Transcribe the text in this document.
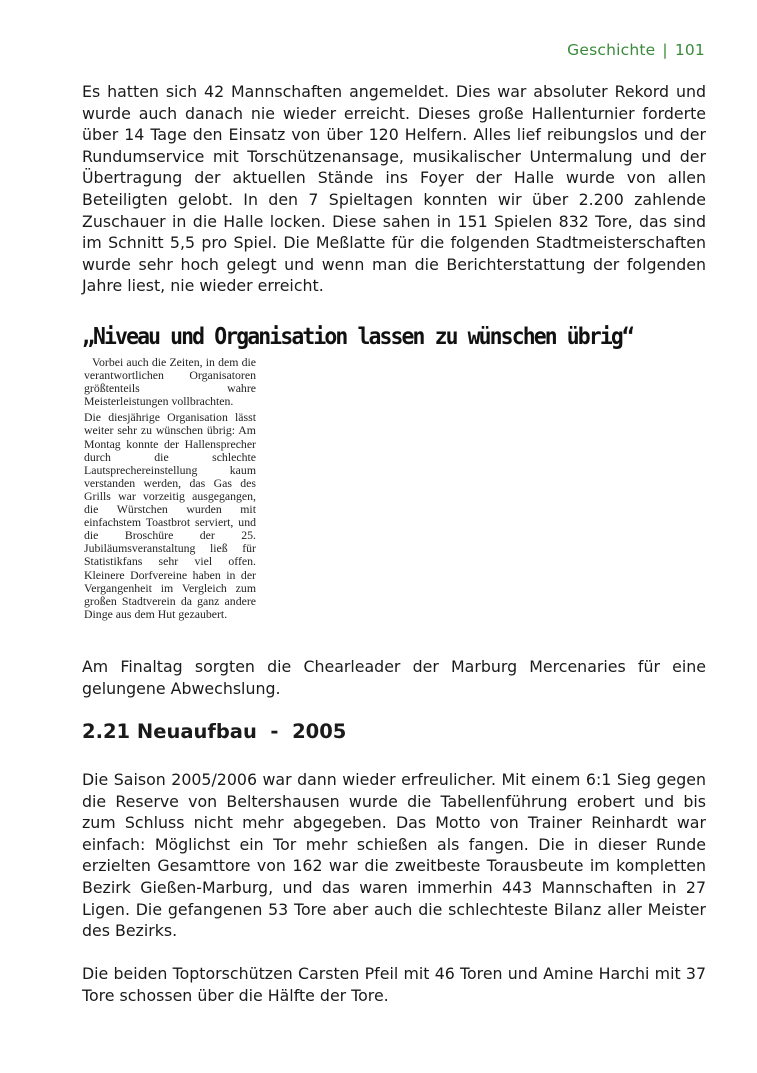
Geschichte | 101

Es hatten sich 42 Mannschaften angemeldet. Dies war absoluter Rekord und wurde auch danach nie wieder erreicht. Dieses große Hallenturnier forderte über 14 Tage den Einsatz von über 120 Helfern. Alles lief reibungslos und der Rundumservice mit Torschützenansage, musikalischer Untermalung und der Übertragung der aktuellen Stände ins Foyer der Halle wurde von allen Beteiligten gelobt. In den 7 Spieltagen konnten wir über 2.200 zahlende Zuschauer in die Halle locken. Diese sahen in 151 Spielen 832 Tore, das sind im Schnitt 5,5 pro Spiel. Die Meßlatte für die folgenden Stadtmeisterschaften wurde sehr hoch gelegt und wenn man die Berichterstattung der folgenden Jahre liest, nie wieder erreicht.

„Niveau und Organisation lassen zu wünschen übrig“

Vorbei auch die Zeiten, in dem die verantwortlichen Organisatoren größtenteils wahre Meisterleistungen vollbrachten.

Die diesjährige Organisation lässt weiter sehr zu wünschen übrig: Am Montag konnte der Hallensprecher durch die schlechte Lautsprechereinstellung kaum verstanden werden, das Gas des Grills war vorzeitig ausgegangen, die Würstchen wurden mit einfachstem Toastbrot serviert, und die Broschüre der 25. Jubiläumsveranstaltung ließ für Statistikfans sehr viel offen. Kleinere Dorfvereine haben in der Vergangenheit im Vergleich zum großen Stadtverein da ganz andere Dinge aus dem Hut gezaubert.

Am Finaltag sorgten die Chearleader der Marburg Mercenaries für eine gelungene Abwechslung.

2.21 Neuaufbau  -  2005

Die Saison 2005/2006 war dann wieder erfreulicher. Mit einem 6:1 Sieg gegen die Reserve von Beltershausen wurde die Tabellenführung erobert und bis zum Schluss nicht mehr abgegeben. Das Motto von Trainer Reinhardt war einfach: Möglichst ein Tor mehr schießen als fangen. Die in dieser Runde erzielten Gesamttore von 162 war die zweitbeste Torausbeute im kompletten Bezirk Gießen-Marburg, und das waren immerhin 443 Mannschaften in 27 Ligen. Die gefangenen 53 Tore aber auch die schlechteste Bilanz aller Meister des Bezirks.

Die beiden Toptorschützen Carsten Pfeil mit 46 Toren und Amine Harchi mit 37 Tore schossen über die Hälfte der Tore.
